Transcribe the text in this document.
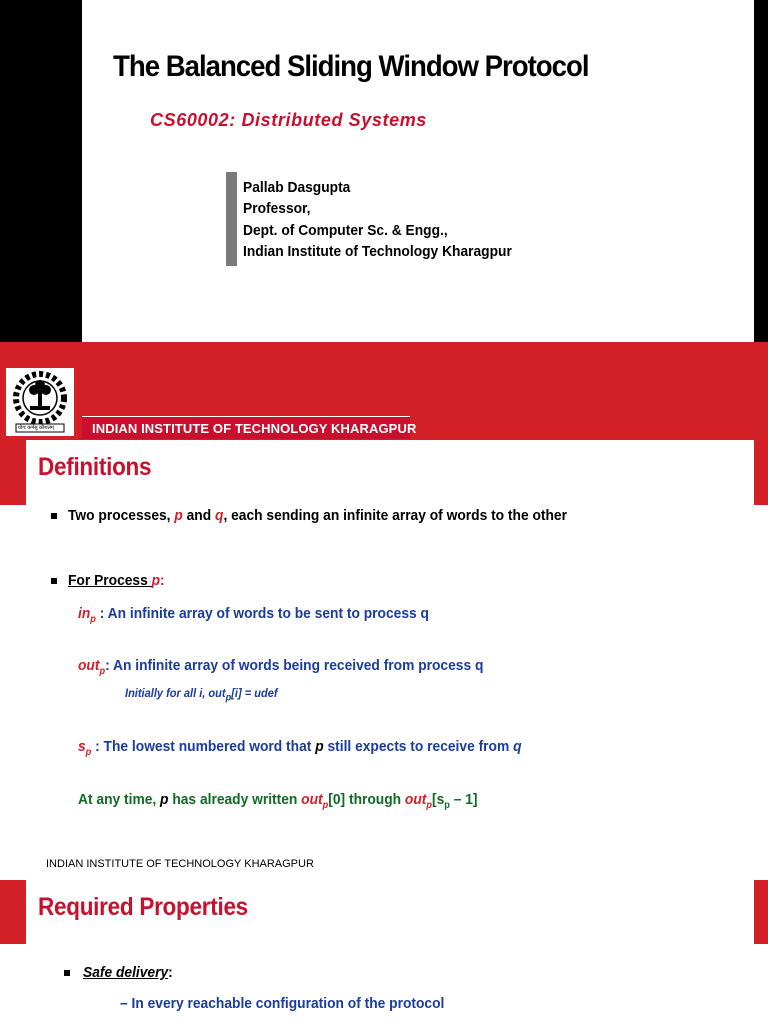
The Balanced Sliding Window Protocol
CS60002: Distributed Systems
Pallab Dasgupta
Professor,
Dept. of Computer Sc. & Engg.,
Indian Institute of Technology Kharagpur
योगः कर्मसु कौशलम्	INDIAN INSTITUTE OF TECHNOLOGY KHARAGPUR
Definitions
Two processes, p and q, each sending an infinite array of words to the other
For Process p:
$in_p$ : An infinite array of words to be sent to process q
out$_p$: An infinite array of words being received from process q
Initially for all i, out$_p$[i] = udef
$s_p$ : The lowest numbered word that p still expects to receive from q
At any time, p has already written out$_p$[0] through $out_p[s_p - 1]$
INDIAN INSTITUTE OF TECHNOLOGY KHARAGPUR
Required Properties
Safe delivery:
– In every reachable configuration of the protocol
